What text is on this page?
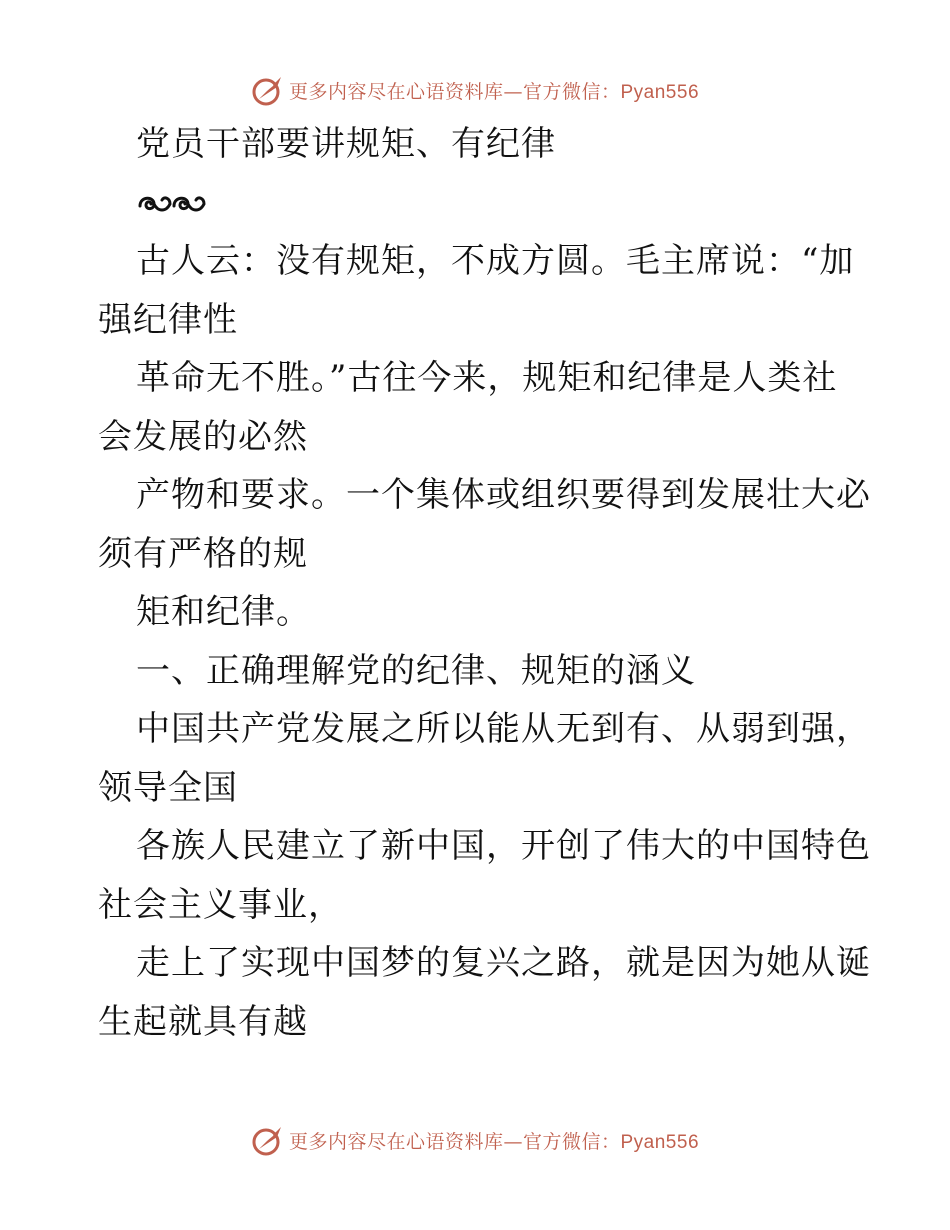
更多内容尽在心语资料库—官方微信：Pyan556
党员干部要讲规矩、有纪律
古人云：没有规矩，不成方圆。毛主席说：“加
强纪律性
革命无不胜。”古往今来，规矩和纪律是人类社
会发展的必然
产物和要求。一个集体或组织要得到发展壮大必
须有严格的规
矩和纪律。
一、正确理解党的纪律、规矩的涵义
中国共产党发展之所以能从无到有、从弱到强，
领导全国
各族人民建立了新中国，开创了伟大的中国特色
社会主义事业，
走上了实现中国梦的复兴之路，就是因为她从诞
生起就具有越
更多内容尽在心语资料库—官方微信：Pyan556
